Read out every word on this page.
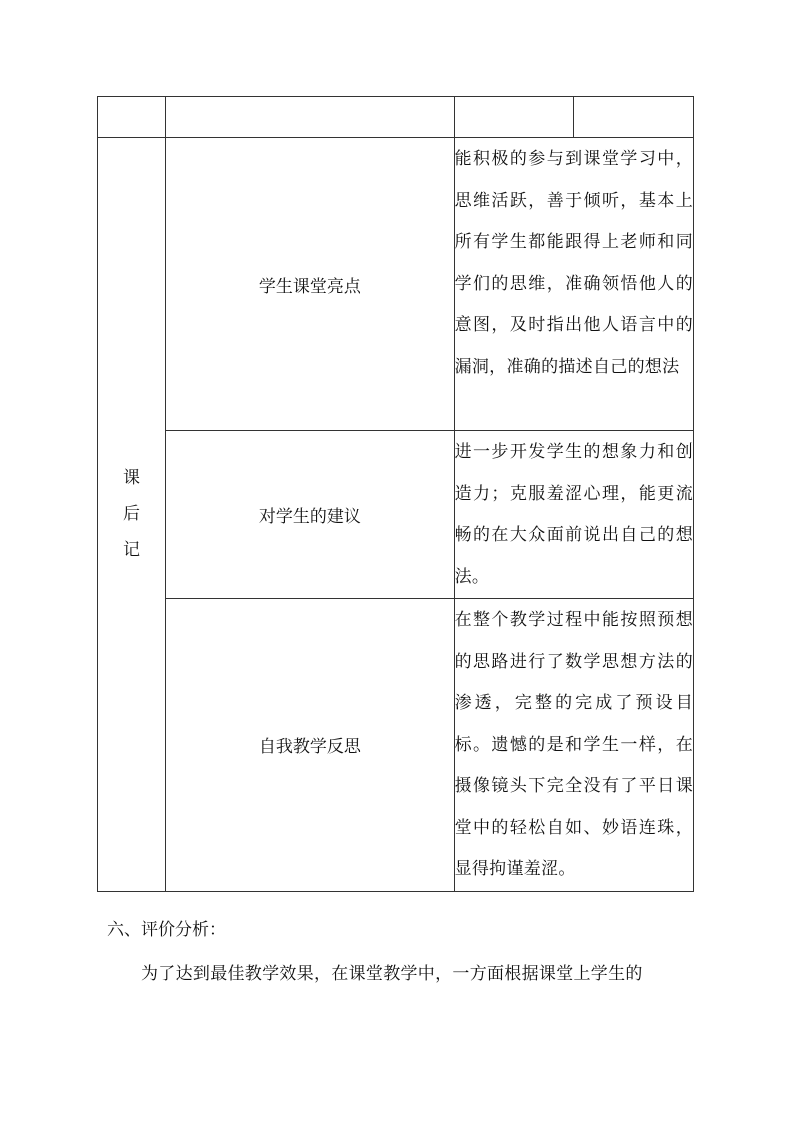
课
后
记	学生课堂亮点	能积极的参与到课堂学习中，思维活跃，善于倾听，基本上所有学生都能跟得上老师和同学们的思维，准确领悟他人的意图，及时指出他人语言中的漏洞，准确的描述自己的想法	

	对学生的建议	进一步开发学生的想象力和创造力；克服羞涩心理，能更流畅的在大众面前说出自己的想法。	

	自我教学反思	在整个教学过程中能按照预想的思路进行了数学思想方法的渗透，完整的完成了预设目标。遗憾的是和学生一样，在摄像镜头下完全没有了平日课堂中的轻松自如、妙语连珠，显得拘谨羞涩。	
六、评价分析：
为了达到最佳教学效果，在课堂教学中，一方面根据课堂上学生的
